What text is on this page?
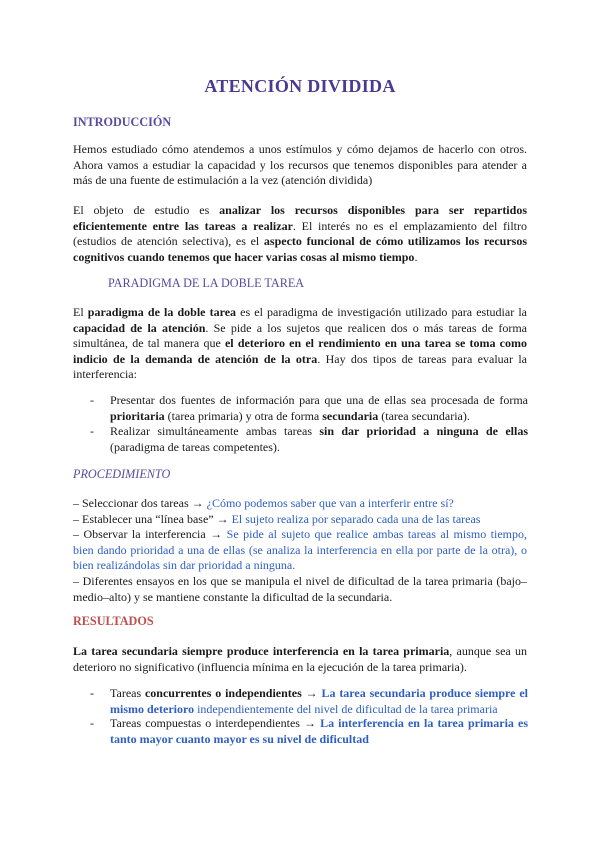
ATENCIÓN DIVIDIDA
INTRODUCCIÓN
Hemos estudiado cómo atendemos a unos estímulos y cómo dejamos de hacerlo con otros. Ahora vamos a estudiar la capacidad y los recursos que tenemos disponibles para atender a más de una fuente de estimulación a la vez (atención dividida)
El objeto de estudio es analizar los recursos disponibles para ser repartidos eficientemente entre las tareas a realizar. El interés no es el emplazamiento del filtro (estudios de atención selectiva), es el aspecto funcional de cómo utilizamos los recursos cognitivos cuando tenemos que hacer varias cosas al mismo tiempo.
PARADIGMA DE LA DOBLE TAREA
El paradigma de la doble tarea es el paradigma de investigación utilizado para estudiar la capacidad de la atención. Se pide a los sujetos que realicen dos o más tareas de forma simultánea, de tal manera que el deterioro en el rendimiento en una tarea se toma como indicio de la demanda de atención de la otra. Hay dos tipos de tareas para evaluar la interferencia:
- Presentar dos fuentes de información para que una de ellas sea procesada de forma prioritaria (tarea primaria) y otra de forma secundaria (tarea secundaria).
- Realizar simultáneamente ambas tareas sin dar prioridad a ninguna de ellas (paradigma de tareas competentes).
PROCEDIMIENTO
– Seleccionar dos tareas → ¿Cómo podemos saber que van a interferir entre sí?
– Establecer una “línea base” → El sujeto realiza por separado cada una de las tareas
– Observar la interferencia → Se pide al sujeto que realice ambas tareas al mismo tiempo, bien dando prioridad a una de ellas (se analiza la interferencia en ella por parte de la otra), o bien realizándolas sin dar prioridad a ninguna.
– Diferentes ensayos en los que se manipula el nivel de dificultad de la tarea primaria (bajo–medio–alto) y se mantiene constante la dificultad de la secundaria.
RESULTADOS
La tarea secundaria siempre produce interferencia en la tarea primaria, aunque sea un deterioro no significativo (influencia mínima en la ejecución de la tarea primaria).
- Tareas concurrentes o independientes → La tarea secundaria produce siempre el mismo deterioro independientemente del nivel de dificultad de la tarea primaria
- Tareas compuestas o interdependientes → La interferencia en la tarea primaria es tanto mayor cuanto mayor es su nivel de dificultad
